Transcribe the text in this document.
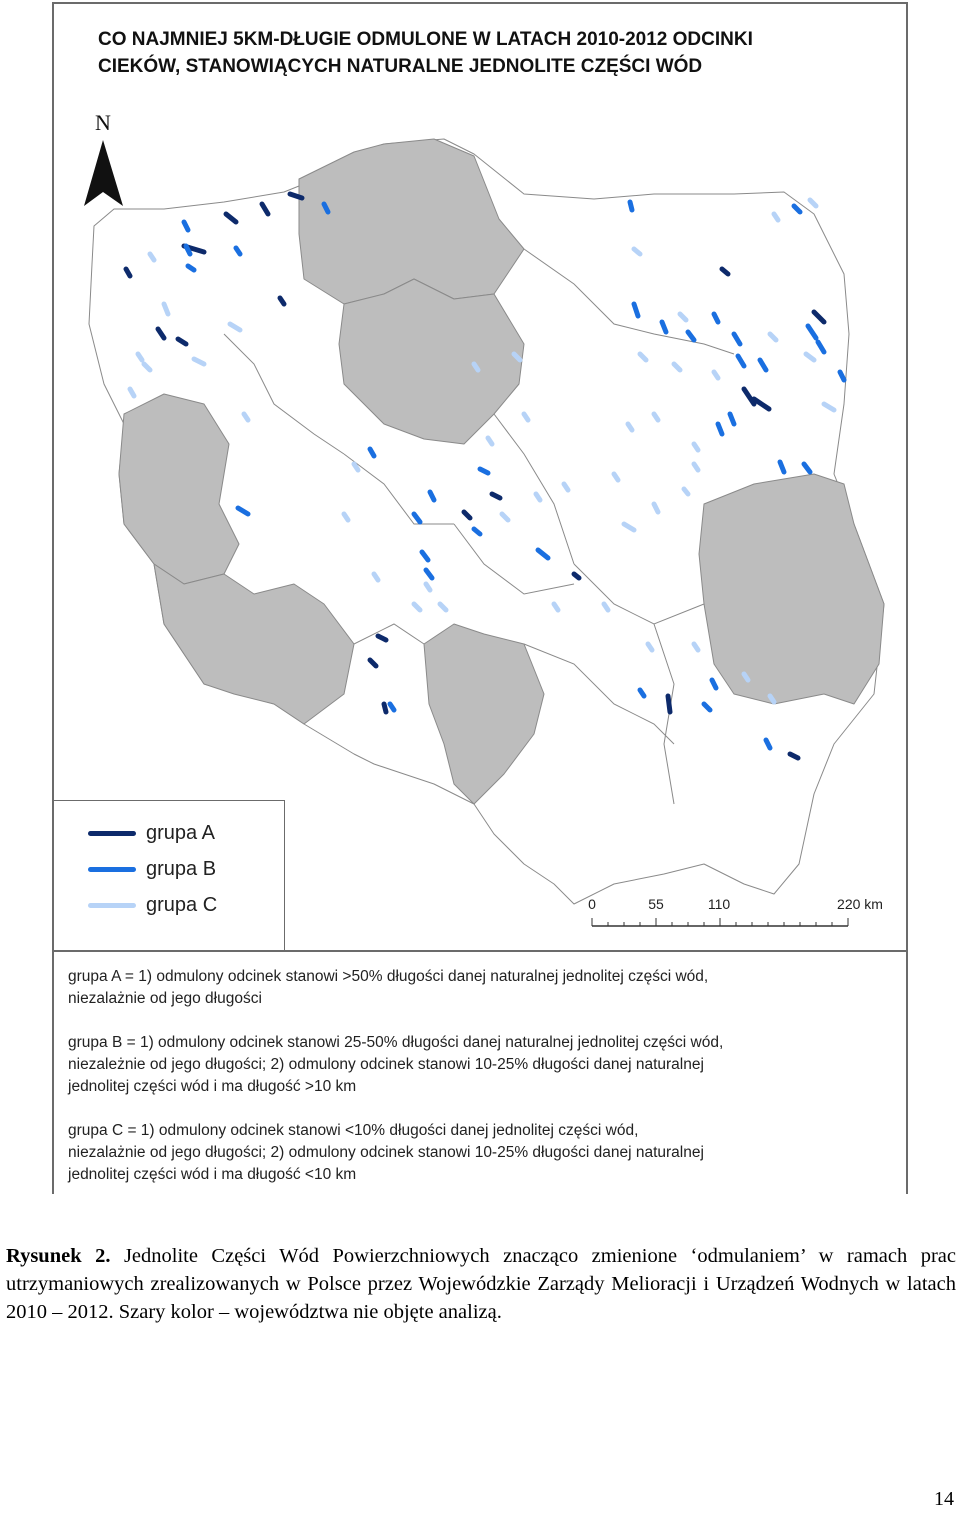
N
CO NAJMNIEJ 5KM-DŁUGIE ODMULONE W LATACH 2010-2012 ODCINKI
CIEKÓW, STANOWIĄCYCH NATURALNE JEDNOLITE CZĘŚCI WÓD
grupa A
grupa B
grupa C	0	55	110	220 km
grupa A = 1) odmulony odcinek stanowi >50% długości danej naturalnej jednolitej części wód,
niezalażnie od jego długości
grupa B = 1) odmulony odcinek stanowi 25-50% długości danej naturalnej jednolitej części wód,
niezależnie od jego długości; 2) odmulony odcinek stanowi 10-25% długości danej naturalnej
jednolitej części wód i ma długość >10 km
grupa C = 1) odmulony odcinek stanowi <10% długości danej jednolitej części wód,
niezalażnie od jego długości; 2) odmulony odcinek stanowi 10-25% długości danej naturalnej
jednolitej części wód i ma długość <10 km
Rysunek 2. Jednolite Części Wód Powierzchniowych znacząco zmienione ‘odmulaniem’ w ramach prac utrzymaniowych zrealizowanych w Polsce przez Wojewódzkie Zarządy Melioracji i Urządzeń Wodnych w latach 2010 – 2012. Szary kolor – województwa nie objęte analizą.
14
